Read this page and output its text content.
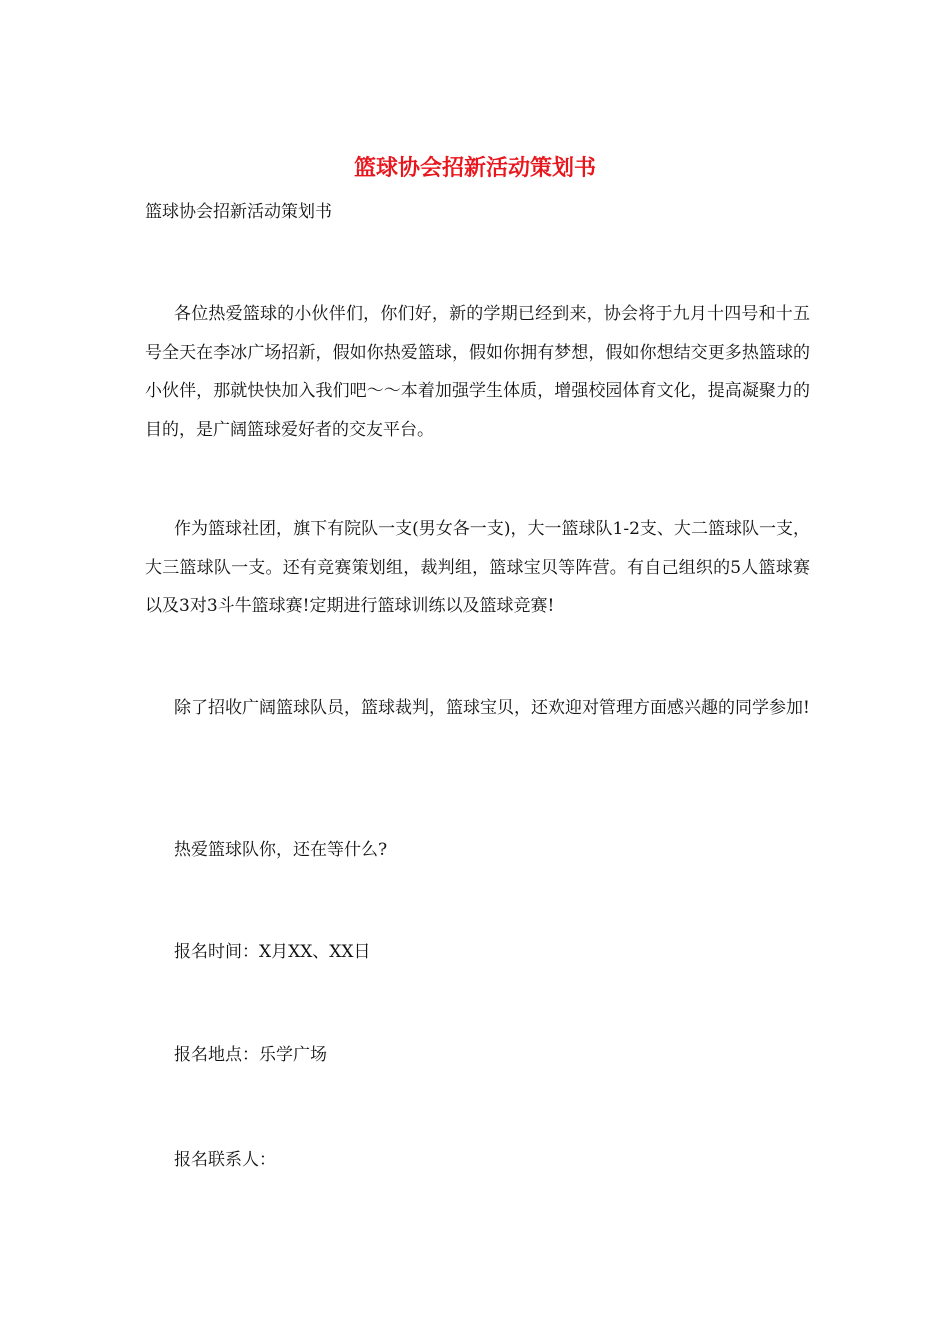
篮球协会招新活动策划书
篮球协会招新活动策划书

各位热爱篮球的小伙伴们，你们好，新的学期已经到来，协会将于九月十四号和十五号全天在李冰广场招新，假如你热爱篮球，假如你拥有梦想，假如你想结交更多热篮球的小伙伴，那就快快加入我们吧～～本着加强学生体质，增强校园体育文化，提高凝聚力的目的，是广阔篮球爱好者的交友平台。

作为篮球社团，旗下有院队一支(男女各一支)，大一篮球队1-2支、大二篮球队一支，大三篮球队一支。还有竞赛策划组，裁判组，篮球宝贝等阵营。有自己组织的5人篮球赛以及3对3斗牛篮球赛!定期进行篮球训练以及篮球竞赛!

除了招收广阔篮球队员，篮球裁判，篮球宝贝，还欢迎对管理方面感兴趣的同学参加!

热爱篮球队你，还在等什么?
报名时间：X月XX、XX日
报名地点：乐学广场
报名联系人：
